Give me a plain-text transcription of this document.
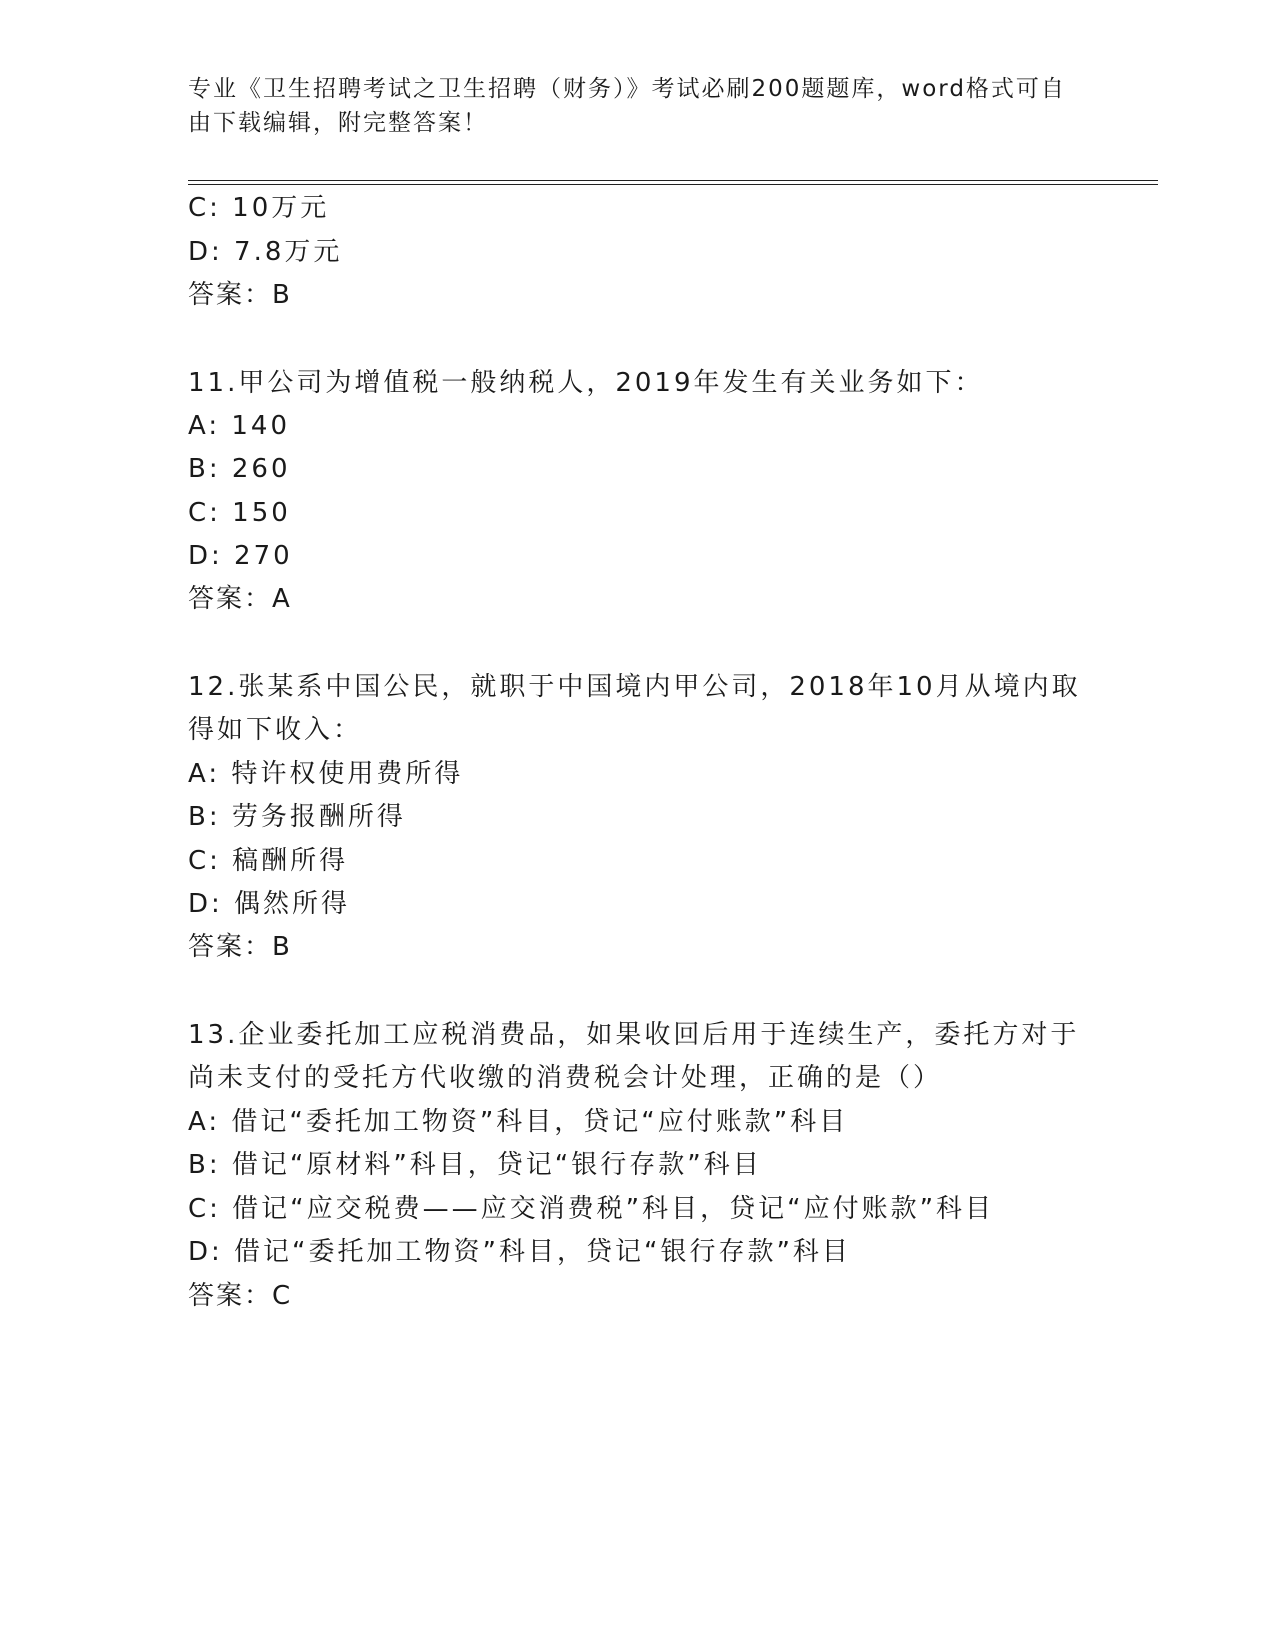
专业《卫生招聘考试之卫生招聘（财务）》考试必刷200题题库，word格式可自
由下载编辑，附完整答案！
C: 10万元
D: 7.8万元
答案：B
11.甲公司为增值税一般纳税人，2019年发生有关业务如下：
A: 140
B: 260
C: 150
D: 270
答案：A
12.张某系中国公民，就职于中国境内甲公司，2018年10月从境内取
得如下收入：
A: 特许权使用费所得
B: 劳务报酬所得
C: 稿酬所得
D: 偶然所得
答案：B
13.企业委托加工应税消费品，如果收回后用于连续生产，委托方对于
尚未支付的受托方代收缴的消费税会计处理，正确的是（）
A: 借记“委托加工物资”科目，贷记“应付账款”科目
B: 借记“原材料”科目，贷记“银行存款”科目
C: 借记“应交税费——应交消费税”科目，贷记“应付账款”科目
D: 借记“委托加工物资”科目，贷记“银行存款”科目
答案：C
